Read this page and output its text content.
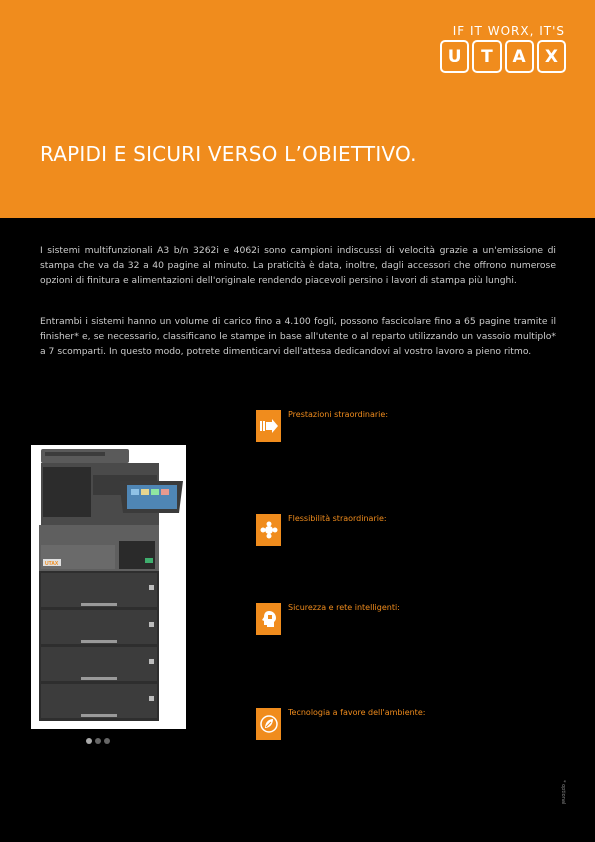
IF IT WORX, IT'S
U	T	A	X
RAPIDI E SICURI VERSO L’OBIETTIVO.

I sistemi multifunzionali A3 b/n 3262i e 4062i sono campioni indiscussi di velocità grazie a un'emissione di stampa che va da 32 a 40 pagine al minuto. La praticità è data, inoltre, dagli accessori che offrono numerose opzioni di finitura e alimentazioni dell'originale rendendo piacevoli persino i lavori di stampa più lunghi.

Entrambi i sistemi hanno un volume di carico fino a 4.100 fogli, possono fascicolare fino a 65 pagine tramite il finisher* e, se necessario, classificano le stampe in base all'utente o al reparto utilizzando un vassoio multiplo* a 7 scomparti. In questo modo, potrete dimenticarvi dell'attesa dedicandovi al vostro lavoro a pieno ritmo.

UTAX
Prestazioni straordinarie:
Flessibilità straordinarie:
Sicurezza e rete intelligenti:
Tecnologia a favore dell'ambiente:
* optional
